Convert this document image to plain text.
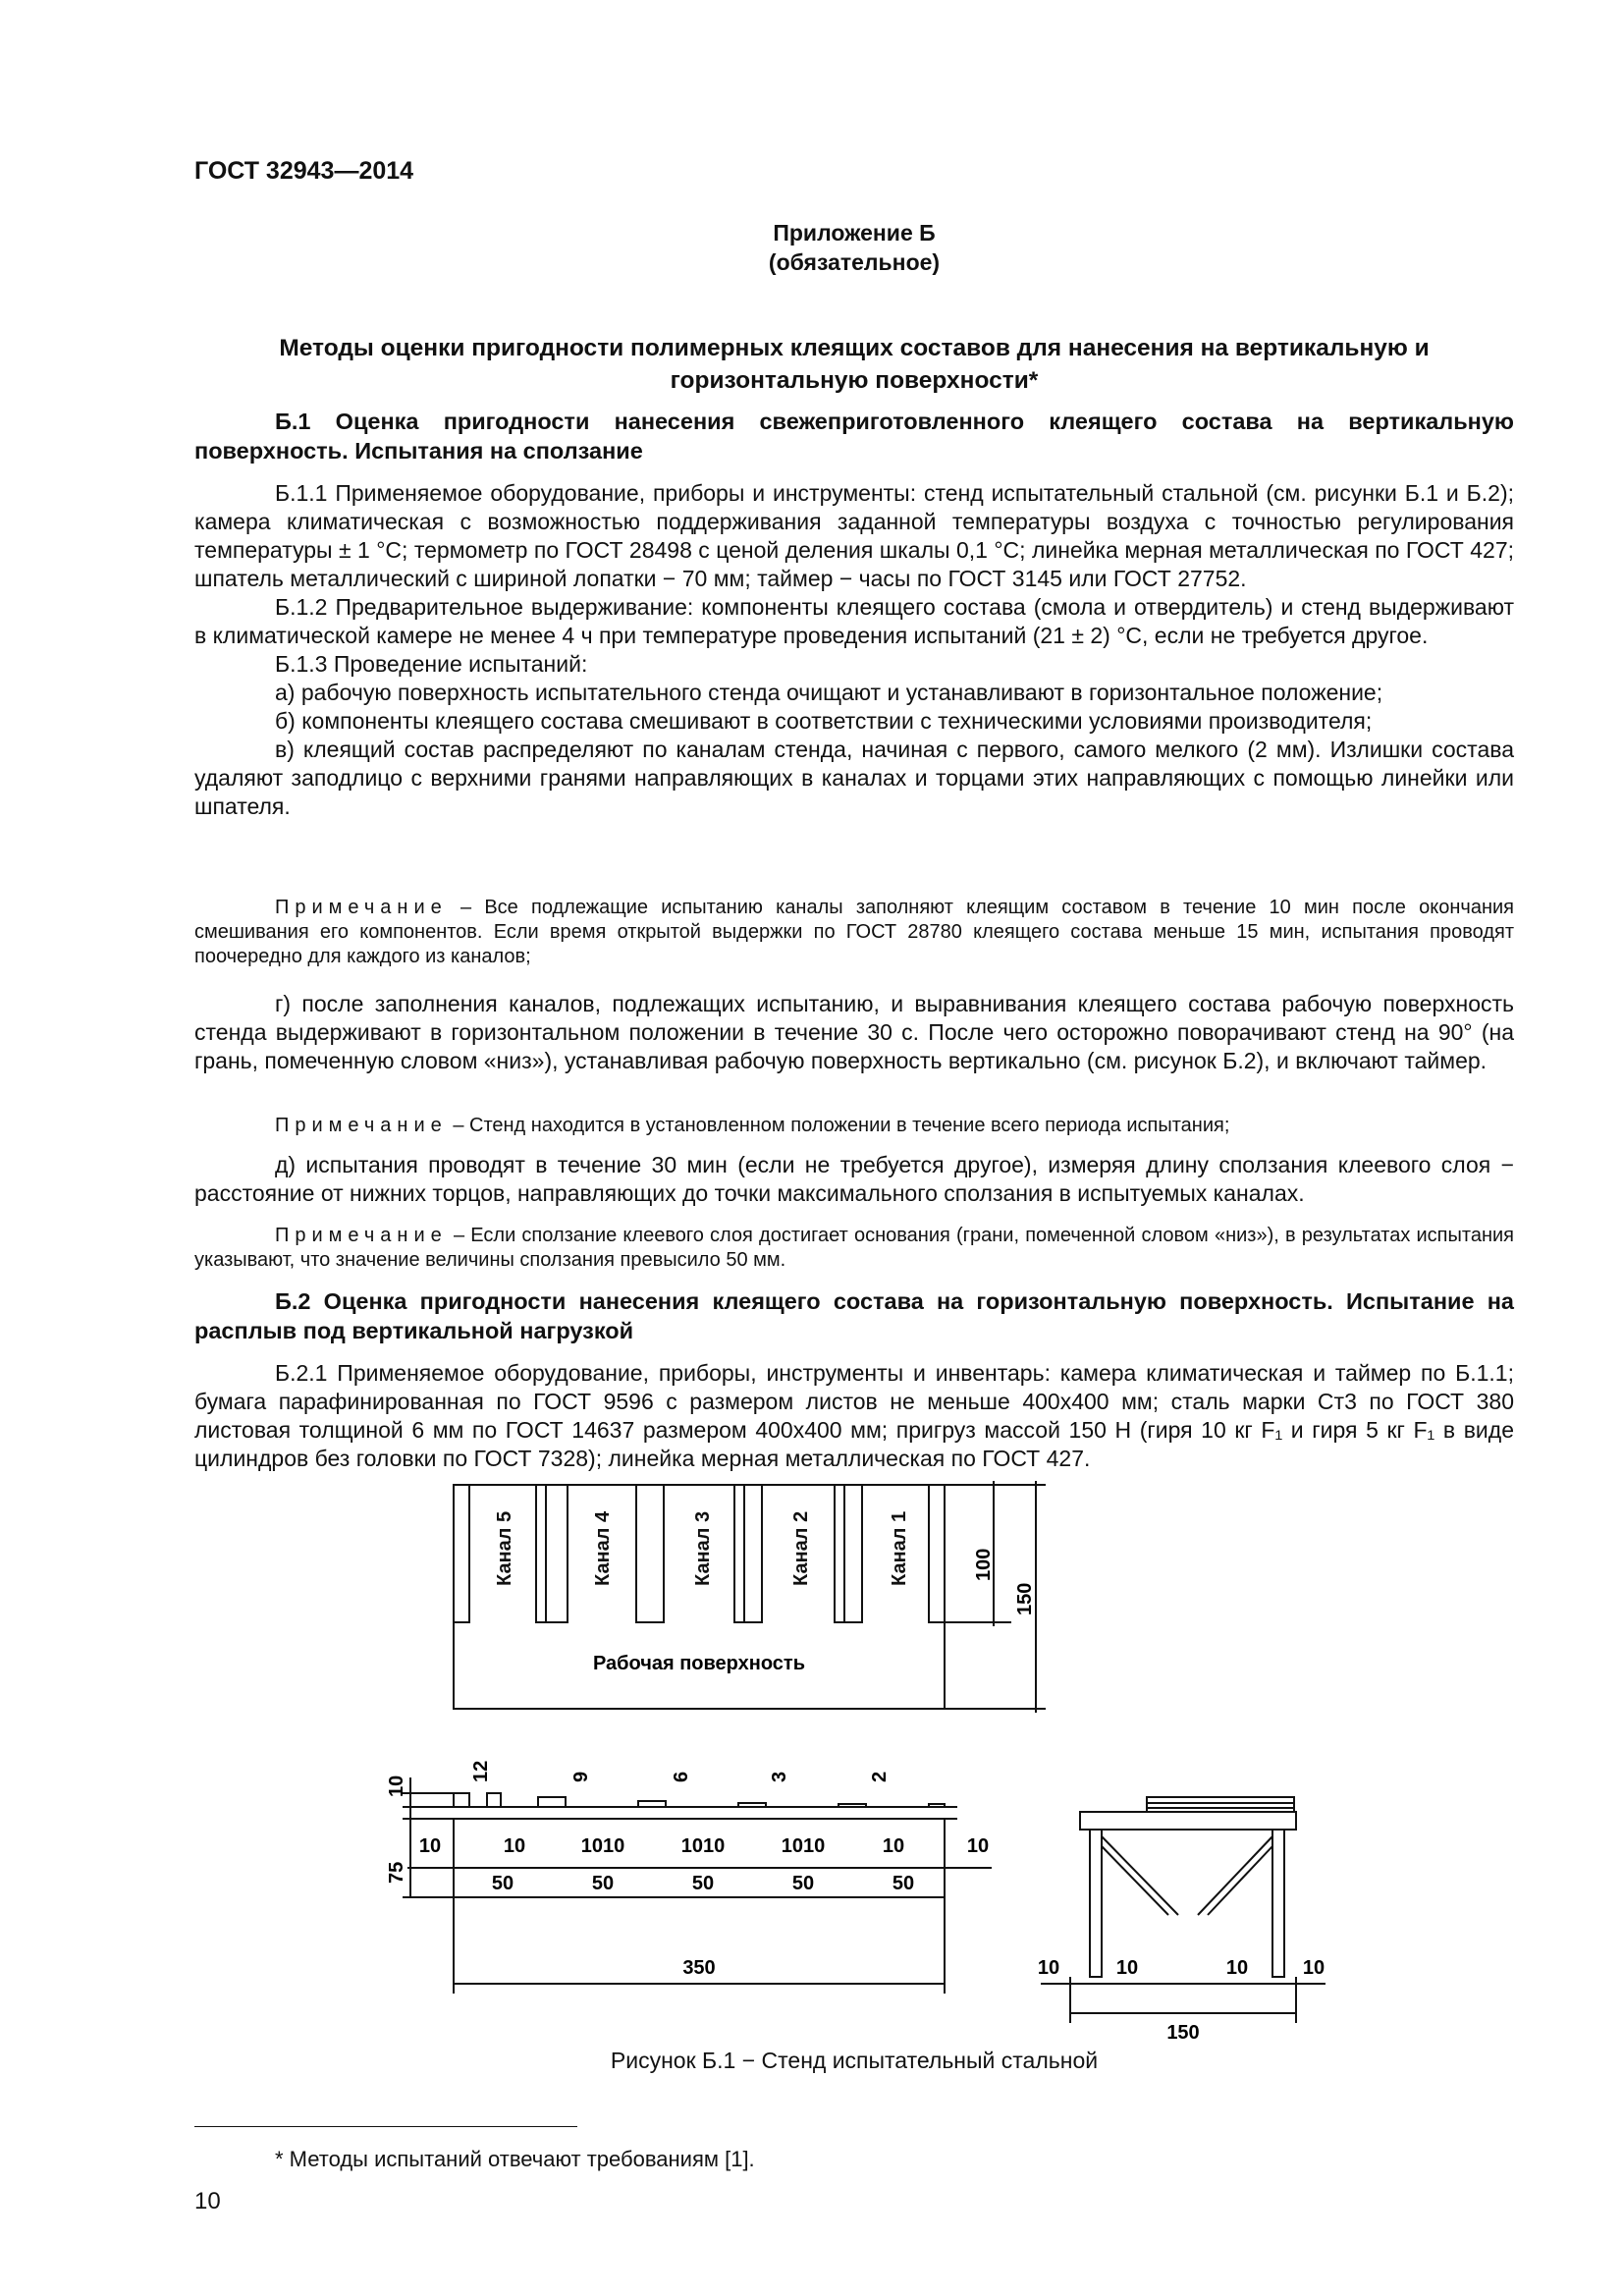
ГОСТ 32943—2014
Приложение Б
(обязательное)
Методы оценки пригодности полимерных клеящих составов для нанесения на вертикальную и
горизонтальную поверхности*
Б.1 Оценка пригодности нанесения свежеприготовленного клеящего состава на вертикальную поверхность. Испытания на сползание

Б.1.1 Применяемое оборудование, приборы и инструменты: стенд испытательный стальной (см. рисунки Б.1 и Б.2); камера климатическая с возможностью поддерживания заданной температуры воздуха с точностью регулирования температуры ± 1 °С; термометр по ГОСТ 28498 с ценой деления шкалы 0,1 °С; линейка мерная металлическая по ГОСТ 427; шпатель металлический с шириной лопатки − 70 мм; таймер − часы по ГОСТ 3145 или ГОСТ 27752.

Б.1.2 Предварительное выдерживание: компоненты клеящего состава (смола и отвердитель) и стенд выдерживают в климатической камере не менее 4 ч при температуре проведения испытаний (21 ± 2) °С, если не требуется другое.

Б.1.3 Проведение испытаний:

а) рабочую поверхность испытательного стенда очищают и устанавливают в горизонтальное положение;

б) компоненты клеящего состава смешивают в соответствии с техническими условиями производителя;

в) клеящий состав распределяют по каналам стенда, начиная с первого, самого мелкого (2 мм). Излишки состава удаляют заподлицо с верхними гранями направляющих в каналах и торцами этих направляющих с помощью линейки или шпателя.

Примечание – Все подлежащие испытанию каналы заполняют клеящим составом в течение 10 мин после окончания смешивания его компонентов. Если время открытой выдержки по ГОСТ 28780 клеящего состава меньше 15 мин, испытания проводят поочередно для каждого из каналов;

г) после заполнения каналов, подлежащих испытанию, и выравнивания клеящего состава рабочую поверхность стенда выдерживают в горизонтальном положении в течение 30 с. После чего осторожно поворачивают стенд на 90° (на грань, помеченную словом «низ»), устанавливая рабочую поверхность вертикально (см. рисунок Б.2), и включают таймер.

Примечание – Стенд находится в установленном положении в течение всего периода испытания;

д) испытания проводят в течение 30 мин (если не требуется другое), измеряя длину сползания клеевого слоя − расстояние от нижних торцов, направляющих до точки максимального сползания в испытуемых каналах.

Примечание – Если сползание клеевого слоя достигает основания (грани, помеченной словом «низ»), в результатах испытания указывают, что значение величины сползания превысило 50 мм.

Б.2 Оценка пригодности нанесения клеящего состава на горизонтальную поверхность. Испытание на расплыв под вертикальной нагрузкой

Б.2.1 Применяемое оборудование, приборы, инструменты и инвентарь: камера климатическая и таймер по Б.1.1; бумага парафинированная по ГОСТ 9596 с размером листов не меньше 400х400 мм; сталь марки Ст3 по ГОСТ 380 листовая толщиной 6 мм по ГОСТ 14637 размером 400х400 мм; пригруз массой 150 Н (гиря 10 кг F₁ и гиря 5 кг F₁ в виде цилиндров без головки по ГОСТ 7328); линейка мерная металлическая по ГОСТ 427.

Канал 5	Канал 4	Канал 3	Канал 2	Канал 1
Рабочая поверхность
100
150
12	9	6	3	2
10
75
10	10	1010	1010	1010	10	10
50	50	50	50	50
350	10	10	10	10
150
Рисунок Б.1 − Стенд испытательный стальной
* Методы испытаний отвечают требованиям [1].
10
